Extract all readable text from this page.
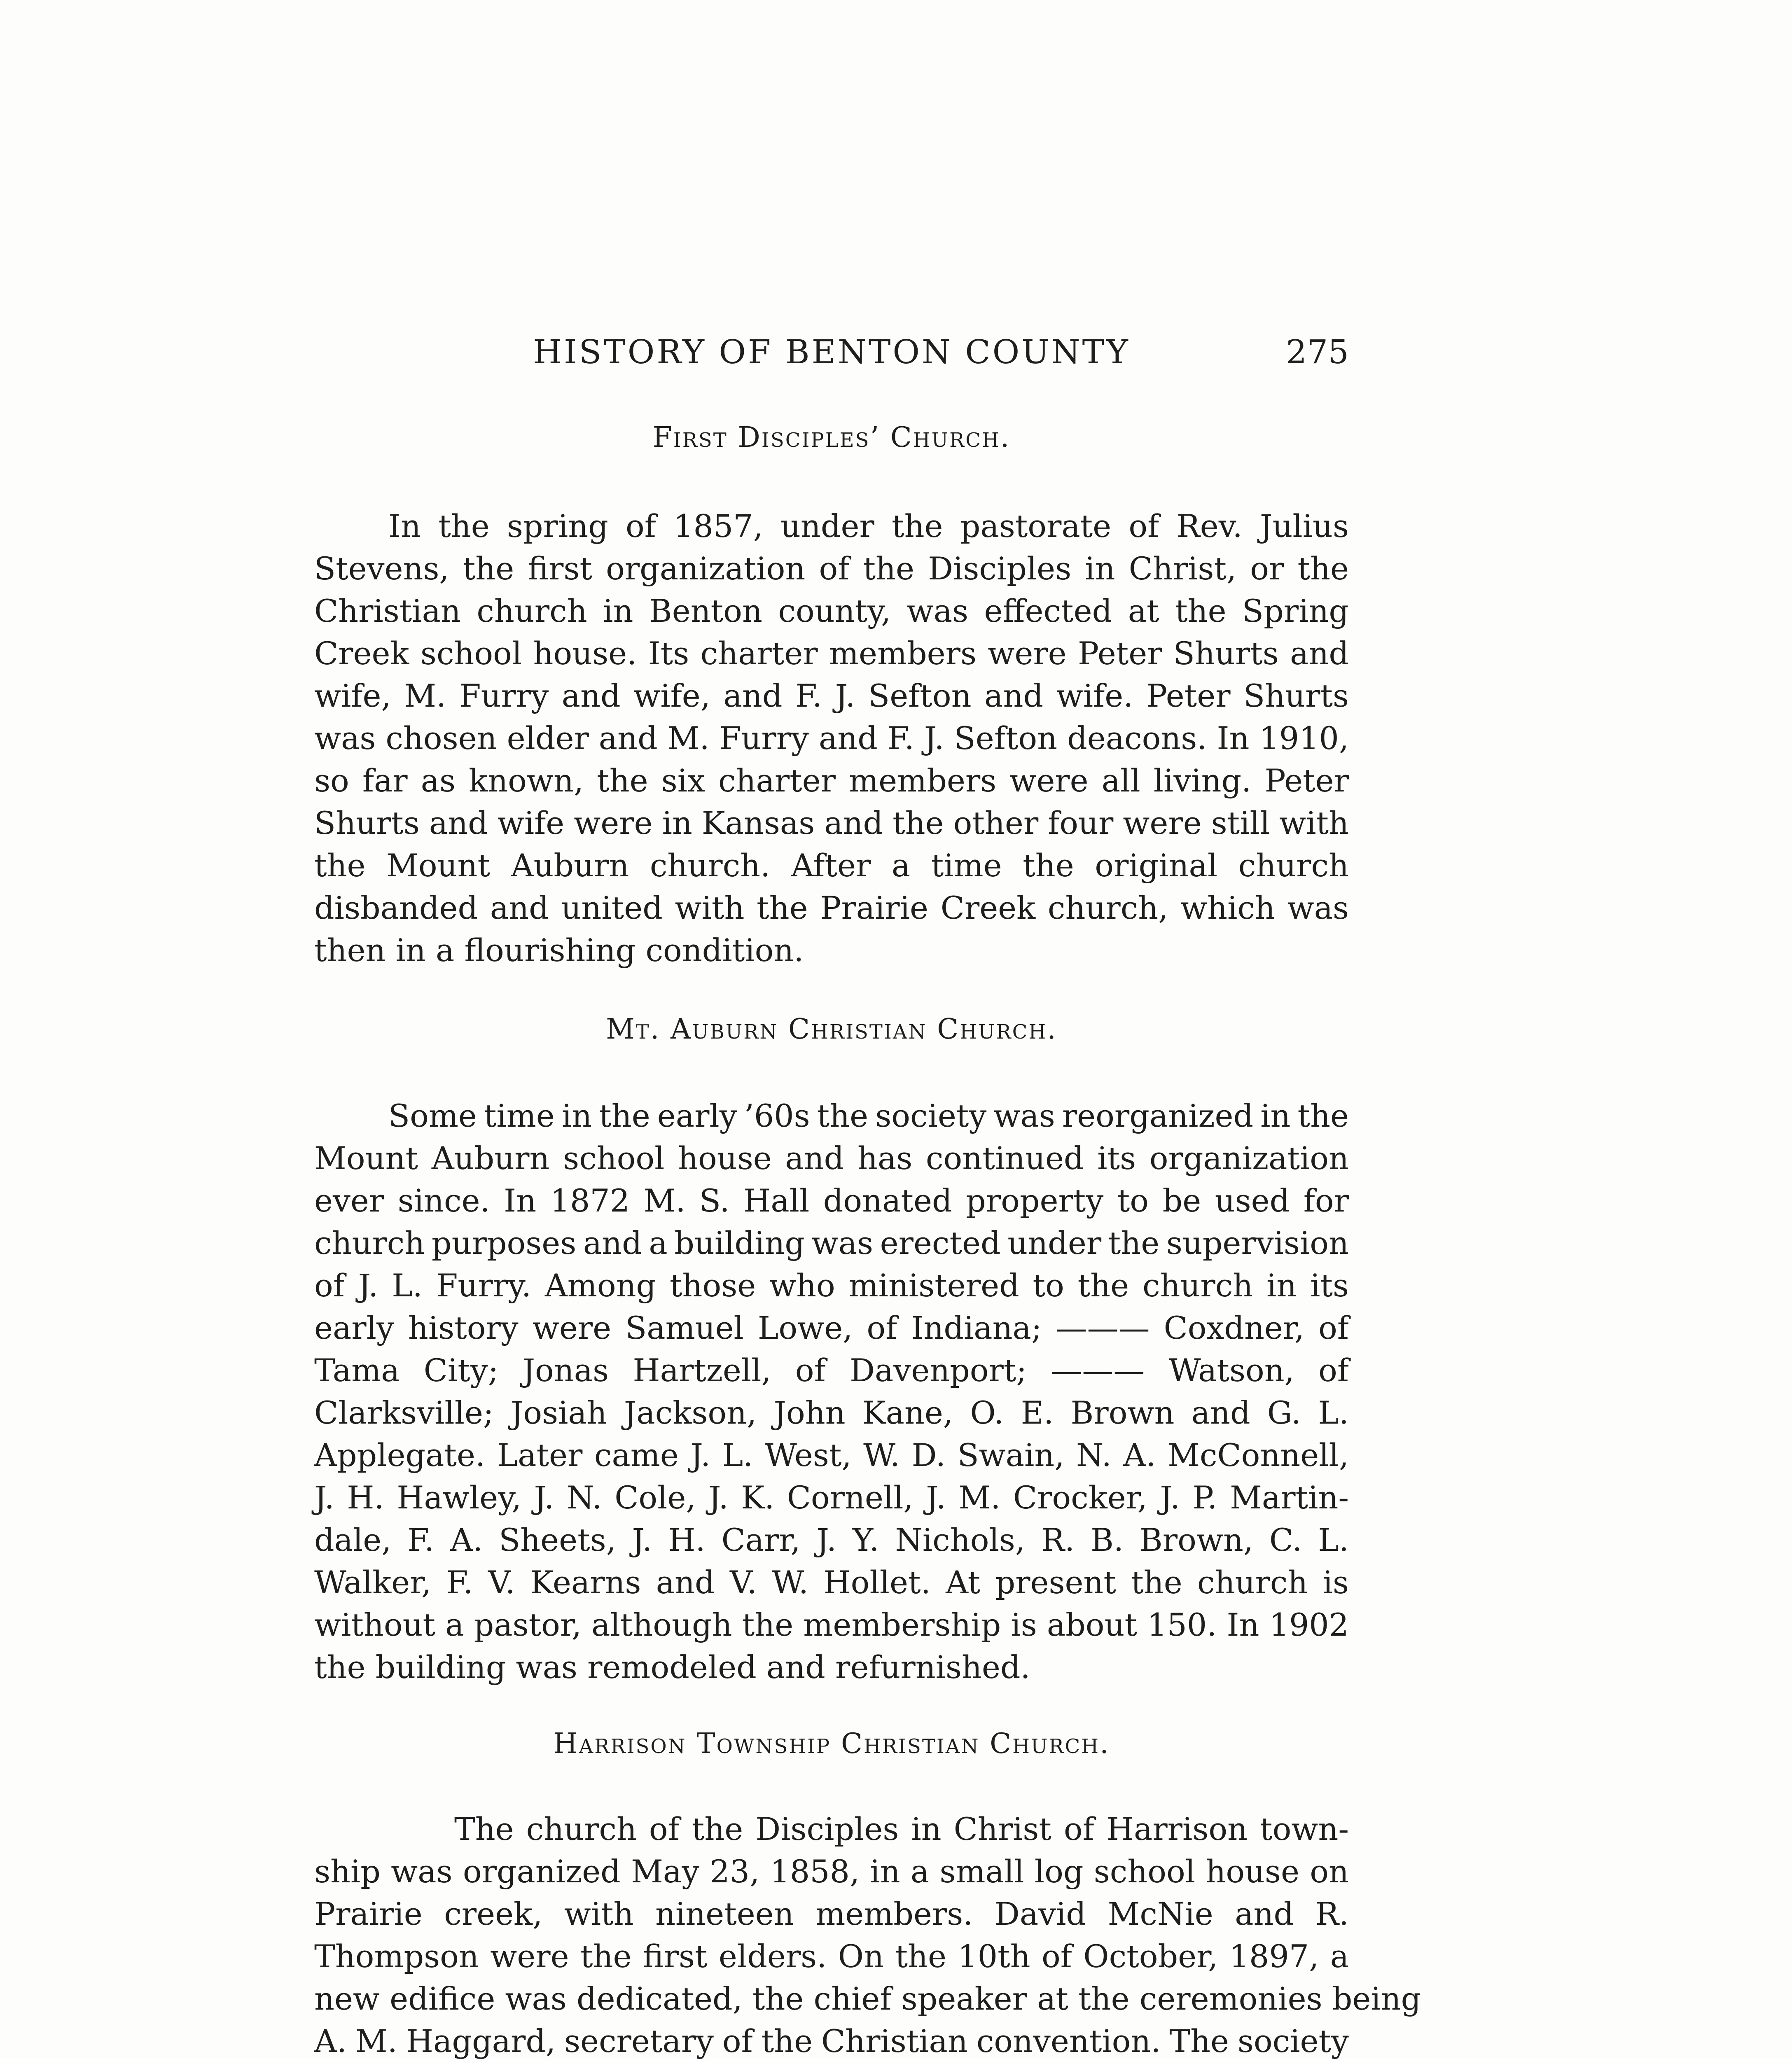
HISTORY OF BENTON COUNTY	275
First Disciples’ Church.
In the spring of 1857, under the pastorate of Rev. Julius
Stevens, the first organization of the Disciples in Christ, or the
Christian church in Benton county, was effected at the Spring
Creek school house. Its charter members were Peter Shurts and
wife, M. Furry and wife, and F. J. Sefton and wife. Peter Shurts
was chosen elder and M. Furry and F. J. Sefton deacons. In 1910,
so far as known, the six charter members were all living. Peter
Shurts and wife were in Kansas and the other four were still with
the Mount Auburn church. After a time the original church
disbanded and united with the Prairie Creek church, which was
then in a flourishing condition.
Mt. Auburn Christian Church.
Some time in the early ’60s the society was reorganized in the
Mount Auburn school house and has continued its organization
ever since. In 1872 M. S. Hall donated property to be used for
church purposes and a building was erected under the supervision
of J. L. Furry. Among those who ministered to the church in its
early history were Samuel Lowe, of Indiana; ——— Coxdner, of
Tama City; Jonas Hartzell, of Davenport; ——— Watson, of
Clarksville; Josiah Jackson, John Kane, O. E. Brown and G. L.
Applegate. Later came J. L. West, W. D. Swain, N. A. McConnell,
J. H. Hawley, J. N. Cole, J. K. Cornell, J. M. Crocker, J. P. Martin-
dale, F. A. Sheets, J. H. Carr, J. Y. Nichols, R. B. Brown, C. L.
Walker, F. V. Kearns and V. W. Hollet. At present the church is
without a pastor, although the membership is about 150. In 1902
the building was remodeled and refurnished.
Harrison Township Christian Church.
The church of the Disciples in Christ of Harrison town-
ship was organized May 23, 1858, in a small log school house on
Prairie creek, with nineteen members. David McNie and R.
Thompson were the first elders. On the 10th of October, 1897, a
new edifice was dedicated, the chief speaker at the ceremonies being
A. M. Haggard, secretary of the Christian convention. The society
